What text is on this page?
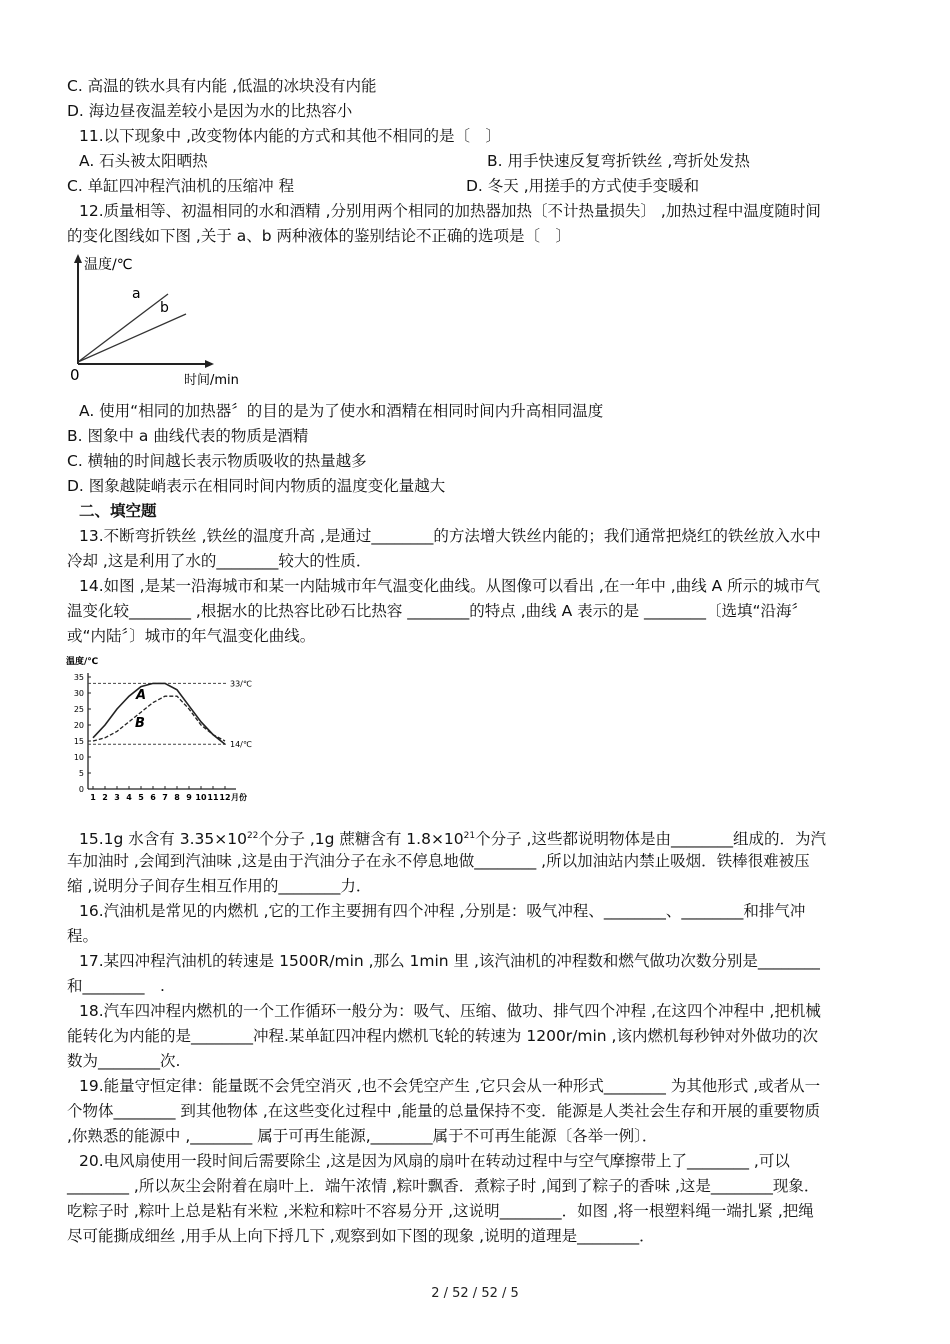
C. 高温的铁水具有内能 ,低温的冰块没有内能
D. 海边昼夜温差较小是因为水的比热容小
11.以下现象中 ,改变物体内能的方式和其他不相同的是〔　〕
A. 石头被太阳晒热	B. 用手快速反复弯折铁丝 ,弯折处发热
C. 单缸四冲程汽油机的压缩冲 程	D. 冬天 ,用搓手的方式使手变暖和
12.质量相等、初温相同的水和酒精 ,分别用两个相同的加热器加热〔不计热量损失〕 ,加热过程中温度随时间
的变化图线如下图 ,关于 a、b 两种液体的鉴别结论不正确的选项是〔　〕
温度/℃
a
b
0	时间/min
A. 使用“相同的加热器〞的目的是为了使水和酒精在相同时间内升高相同温度
B. 图象中 a 曲线代表的物质是酒精
C. 横轴的时间越长表示物质吸收的热量越多
D. 图象越陡峭表示在相同时间内物质的温度变化量越大
二、填空题
13.不断弯折铁丝 ,铁丝的温度升高 ,是通过________的方法增大铁丝内能的；我们通常把烧红的铁丝放入水中
冷却 ,这是利用了水的________较大的性质．
14.如图 ,是某一沿海城市和某一内陆城市年气温变化曲线。从图像可以看出 ,在一年中 ,曲线 A 所示的城市气
温变化较________ ,根据水的比热容比砂石比热容 ________的特点 ,曲线 A 表示的是 ________〔选填“沿海〞
或“内陆〞〕城市的年气温变化曲线。
温度/℃
A
B
35
30
25
20
15
10
5
0
1 2 3 4 5 6 7 8 9 10 11 12 月份
33/℃
14/℃
15.1g 水含有 $3.35\times 10^{22}$个分子 ,1g 蔗糖含有 $1.8\times 10^{21}$个分子 ,这些都说明物体是由________组成的．为汽
车加油时 ,会闻到汽油味 ,这是由于汽油分子在永不停息地做________ ,所以加油站内禁止吸烟．铁棒很难被压
缩 ,说明分子间存生相互作用的________力．
16.汽油机是常见的内燃机 ,它的工作主要拥有四个冲程 ,分别是：吸气冲程、________、________和排气冲
程。
17.某四冲程汽油机的转速是 1500R/min ,那么 1min 里 ,该汽油机的冲程数和燃气做功次数分别是________
和________　.
18.汽车四冲程内燃机的一个工作循环一般分为：吸气、压缩、做功、排气四个冲程 ,在这四个冲程中 ,把机械
能转化为内能的是________冲程.某单缸四冲程内燃机飞轮的转速为 1200r/min ,该内燃机每秒钟对外做功的次
数为________次.
19.能量守恒定律：能量既不会凭空消灭 ,也不会凭空产生 ,它只会从一种形式________ 为其他形式 ,或者从一
个物体________ 到其他物体 ,在这些变化过程中 ,能量的总量保持不变．能源是人类社会生存和开展的重要物质
,你熟悉的能源中 ,________ 属于可再生能源,________属于不可再生能源〔各举一例〕．
20.电风扇使用一段时间后需要除尘 ,这是因为风扇的扇叶在转动过程中与空气摩擦带上了________ ,可以
________ ,所以灰尘会附着在扇叶上．端午浓情 ,粽叶飘香．煮粽子时 ,闻到了粽子的香味 ,这是________现象．
吃粽子时 ,粽叶上总是粘有米粒 ,米粒和粽叶不容易分开 ,这说明________．如图 ,将一根塑料绳一端扎紧 ,把绳
尽可能撕成细丝 ,用手从上向下捋几下 ,观察到如下图的现象 ,说明的道理是________．
2 / 52 / 52 / 5
